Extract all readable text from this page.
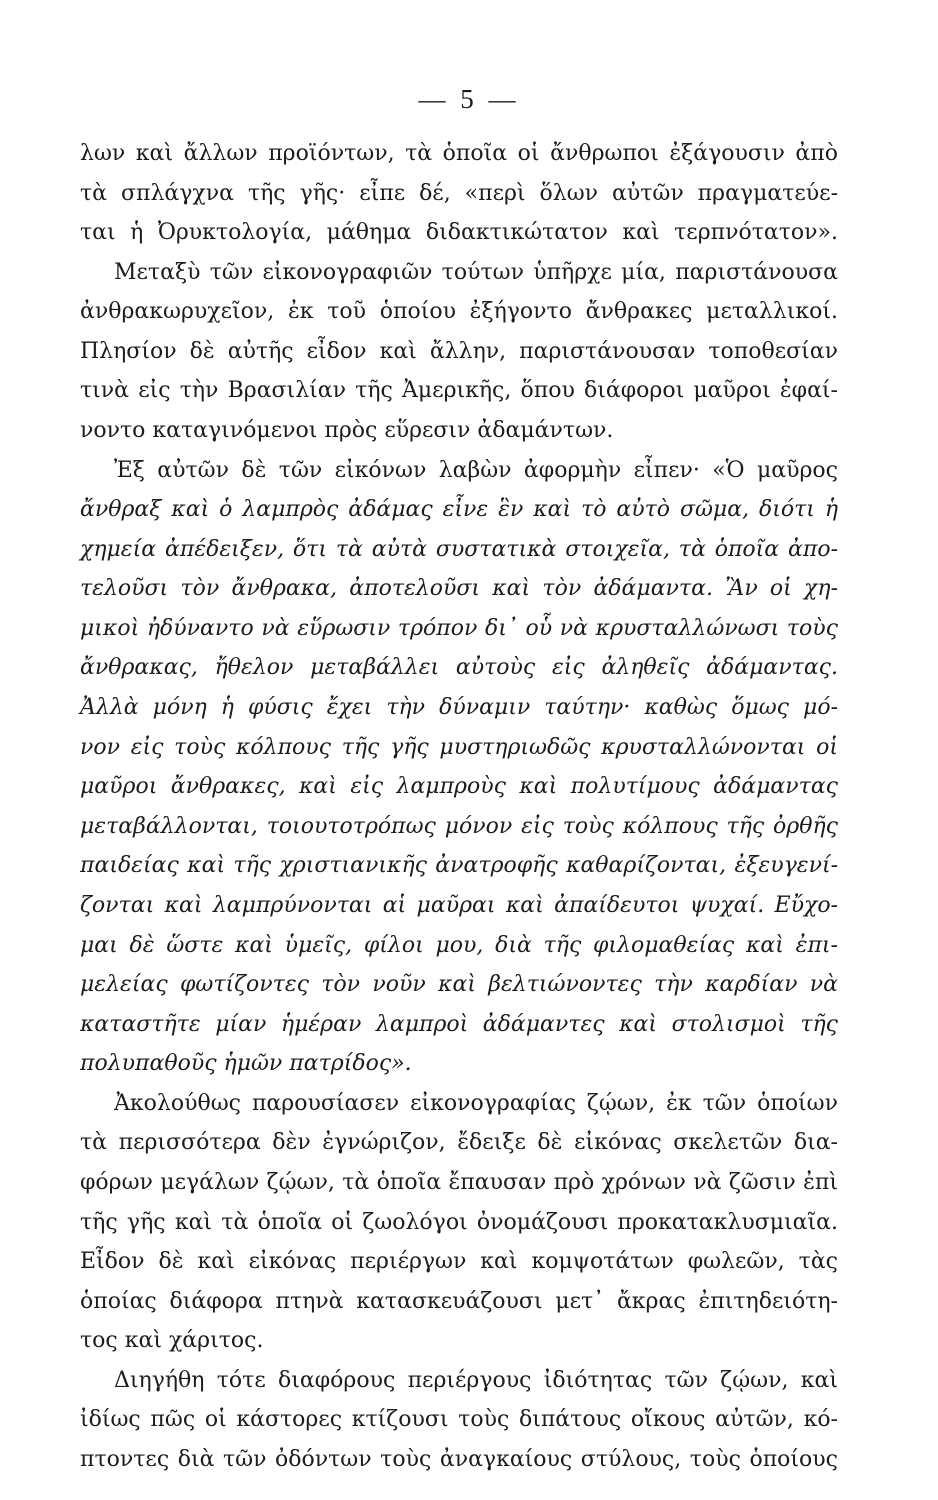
— 5 —
λων καὶ ἄλλων προϊόντων, τὰ ὁποῖα οἱ ἄνθρωποι ἐξάγουσιν ἀπὸ
τὰ σπλάγχνα τῆς γῆς· εἶπε δέ, «περὶ ὅλων αὐτῶν πραγματεύε-
ται ἡ Ὀρυκτολογία, μάθημα διδακτικώτατον καὶ τερπνότατον».
Μεταξὺ τῶν εἰκονογραφιῶν τούτων ὑπῆρχε μία, παριστάνουσα
ἀνθρακωρυχεῖον, ἐκ τοῦ ὁποίου ἐξήγοντο ἄνθρακες μεταλλικοί.
Πλησίον δὲ αὐτῆς εἶδον καὶ ἄλλην, παριστάνουσαν τοποθεσίαν
τινὰ εἰς τὴν Βρασιλίαν τῆς Ἀμερικῆς, ὅπου διάφοροι μαῦροι ἐφαί-
νοντο καταγινόμενοι πρὸς εὕρεσιν ἀδαμάντων.
Ἐξ αὐτῶν δὲ τῶν εἰκόνων λαβὼν ἀφορμὴν εἶπεν· «Ὁ μαῦρος
ἄνθραξ καὶ ὁ λαμπρὸς ἀδάμας εἶνε ἓν καὶ τὸ αὐτὸ σῶμα, διότι ἡ
χημεία ἀπέδειξεν, ὅτι τὰ αὐτὰ συστατικὰ στοιχεῖα, τὰ ὁποῖα ἀπο-
τελοῦσι τὸν ἄνθρακα, ἀποτελοῦσι καὶ τὸν ἀδάμαντα. Ἂν οἱ χη-
μικοὶ ἠδύναντο νὰ εὕρωσιν τρόπον δι᾽ οὗ νὰ κρυσταλλώνωσι τοὺς
ἄνθρακας, ἤθελον μεταβάλλει αὐτοὺς εἰς ἀληθεῖς ἀδάμαντας.
Ἀλλὰ μόνη ἡ φύσις ἔχει τὴν δύναμιν ταύτην· καθὼς ὅμως μό-
νον εἰς τοὺς κόλπους τῆς γῆς μυστηριωδῶς κρυσταλλώνονται οἱ
μαῦροι ἄνθρακες, καὶ εἰς λαμπροὺς καὶ πολυτίμους ἀδάμαντας
μεταβάλλονται, τοιουτοτρόπως μόνον εἰς τοὺς κόλπους τῆς ὀρθῆς
παιδείας καὶ τῆς χριστιανικῆς ἀνατροφῆς καθαρίζονται, ἐξευγενί-
ζονται καὶ λαμπρύνονται αἱ μαῦραι καὶ ἀπαίδευτοι ψυχαί. Εὔχο-
μαι δὲ ὥστε καὶ ὑμεῖς, φίλοι μου, διὰ τῆς φιλομαθείας καὶ ἐπι-
μελείας φωτίζοντες τὸν νοῦν καὶ βελτιώνοντες τὴν καρδίαν νὰ
καταστῆτε μίαν ἡμέραν λαμπροὶ ἀδάμαντες καὶ στολισμοὶ τῆς
πολυπαθοῦς ἡμῶν πατρίδος».
Ἀκολούθως παρουσίασεν εἰκονογραφίας ζῴων, ἐκ τῶν ὁποίων
τὰ περισσότερα δὲν ἐγνώριζον, ἔδειξε δὲ εἰκόνας σκελετῶν δια-
φόρων μεγάλων ζῴων, τὰ ὁποῖα ἔπαυσαν πρὸ χρόνων νὰ ζῶσιν ἐπὶ
τῆς γῆς καὶ τὰ ὁποῖα οἱ ζωολόγοι ὀνομάζουσι προκατακλυσμιαῖα.
Εἶδον δὲ καὶ εἰκόνας περιέργων καὶ κομψοτάτων φωλεῶν, τὰς
ὁποίας διάφορα πτηνὰ κατασκευάζουσι μετ᾽ ἄκρας ἐπιτηδειότη-
τος καὶ χάριτος.
Διηγήθη τότε διαφόρους περιέργους ἰδιότητας τῶν ζῴων, καὶ
ἰδίως πῶς οἱ κάστορες κτίζουσι τοὺς διπάτους οἴκους αὐτῶν, κό-
πτοντες διὰ τῶν ὀδόντων τοὺς ἀναγκαίους στύλους, τοὺς ὁποίους
